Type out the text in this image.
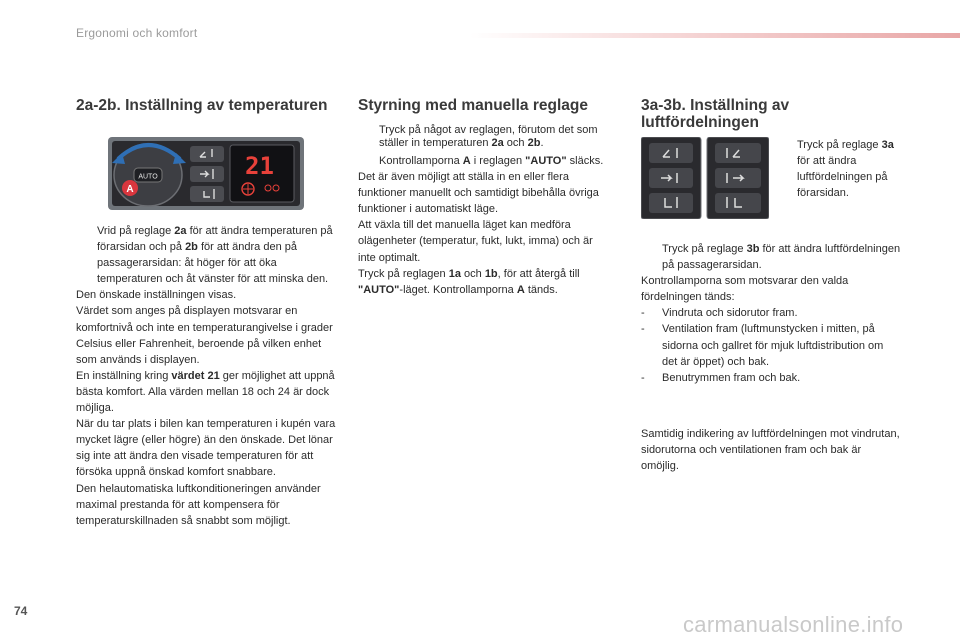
Ergonomi och komfort
2a-2b. Inställning av temperaturen
AUTO
A
21
Vrid på reglage 2a för att ändra temperaturen på förarsidan och på 2b för att ändra den på passagerarsidan: åt höger för att öka temperaturen och åt vänster för att minska den.

Den önskade inställningen visas.

Värdet som anges på displayen motsvarar en komfortnivå och inte en temperaturangivelse i grader Celsius eller Fahrenheit, beroende på vilken enhet som används i displayen.

En inställning kring värdet 21 ger möjlighet att uppnå bästa komfort. Alla värden mellan 18 och 24 är dock möjliga.

När du tar plats i bilen kan temperaturen i kupén vara mycket lägre (eller högre) än den önskade. Det lönar sig inte att ändra den visade temperaturen för att försöka uppnå önskad komfort snabbare.

Den helautomatiska luftkonditioneringen använder maximal prestanda för att kompensera för temperaturskillnaden så snabbt som möjligt.

Styrning med manuella reglage
Tryck på något av reglagen, förutom det som ställer in temperaturen 2a och 2b.

Kontrollamporna A i reglagen "AUTO" släcks.

Det är även möjligt att ställa in en eller flera funktioner manuellt och samtidigt bibehålla övriga funktioner i automatiskt läge.

Att växla till det manuella läget kan medföra olägenheter (temperatur, fukt, lukt, imma) och är inte optimalt.

Tryck på reglagen 1a och 1b, för att återgå till "AUTO"-läget. Kontrollamporna A tänds.

3a-3b. Inställning av luftfördelningen
Tryck på reglage 3a för att ändra luftfördelningen på förarsidan.
Tryck på reglage 3b för att ändra luftfördelningen på passagerarsidan.

Kontrollamporna som motsvarar den valda fördelningen tänds:

- Vindruta och sidorutor fram.
- Ventilation fram (luftmunstycken i mitten, på sidorna och gallret för mjuk luftdistribution om det är öppet) och bak.
- Benutrymmen fram och bak.

Samtidig indikering av luftfördelningen mot vindrutan, sidorutorna och ventilationen fram och bak är omöjlig.

74
carmanualsonline.info
